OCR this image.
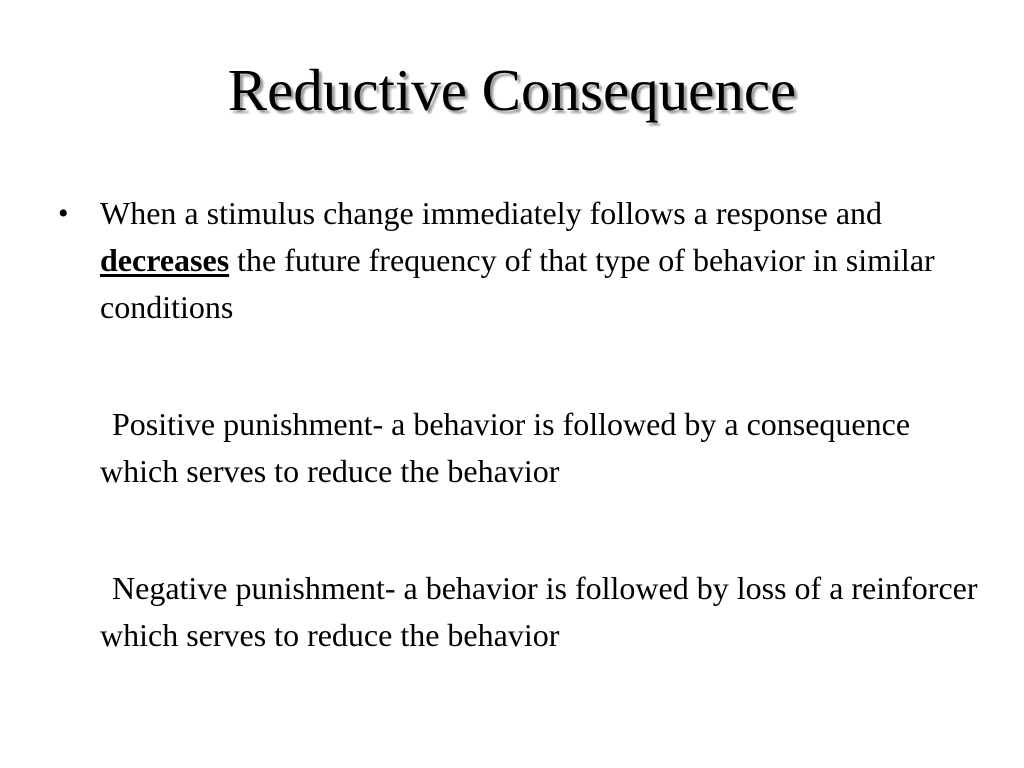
Reductive Consequence
• When a stimulus change immediately follows a response and decreases the future frequency of that type of behavior in similar conditions
Positive punishment- a behavior is followed by a consequence which serves to reduce the behavior
Negative punishment- a behavior is followed by loss of a reinforcer which serves to reduce the behavior
